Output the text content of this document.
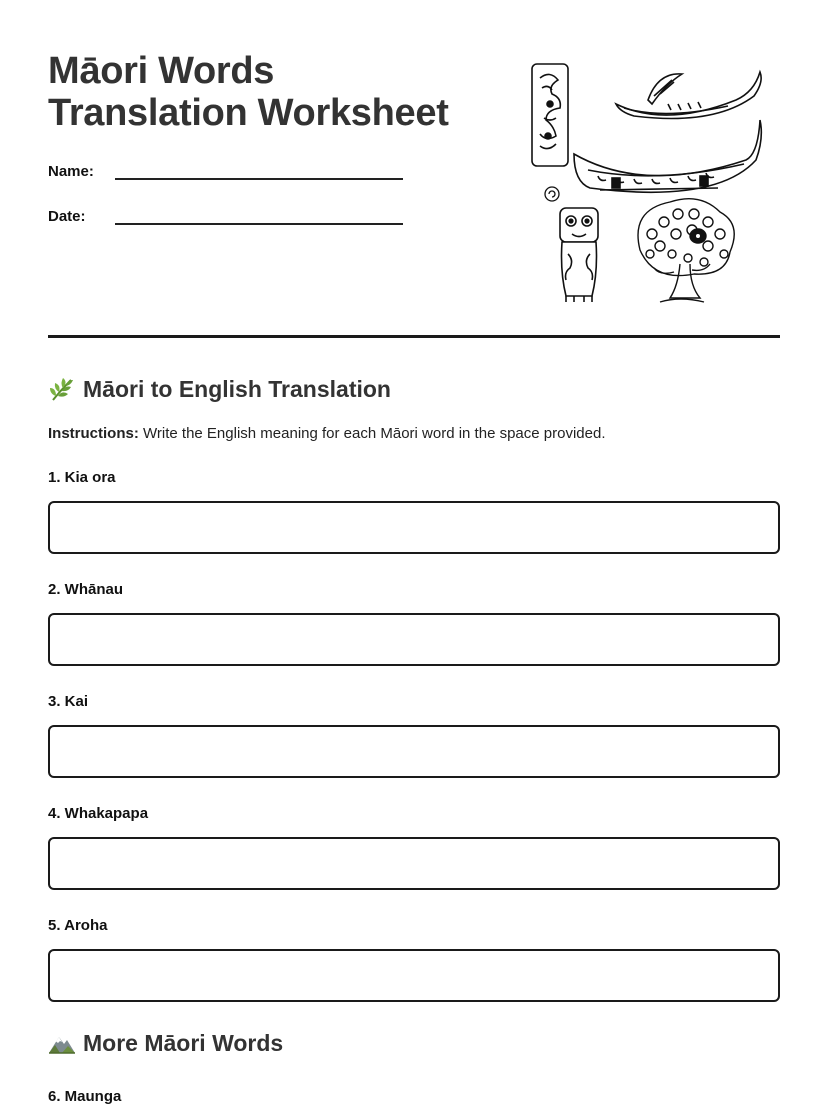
Māori Words
Translation Worksheet
Name:
Date:
Māori to English Translation
Instructions: Write the English meaning for each Māori word in the space provided.
1. Kia ora
2. Whānau
3. Kai
4. Whakapapa
5. Aroha
More Māori Words
6. Maunga
